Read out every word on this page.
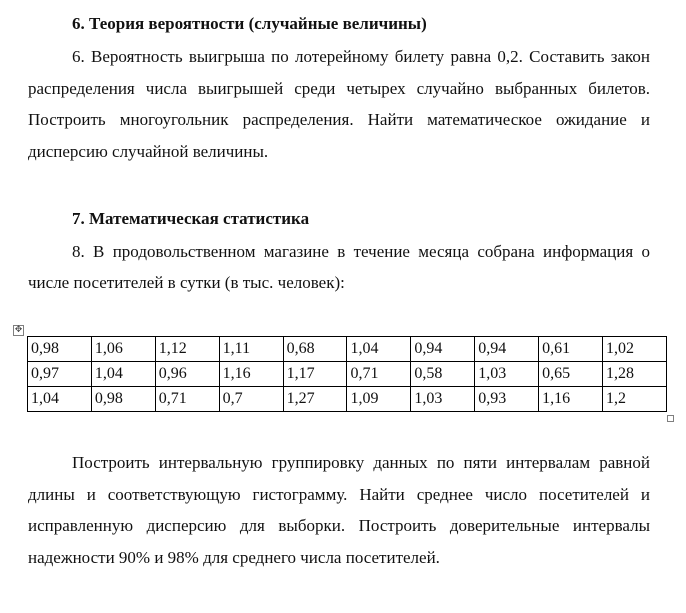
6. Теория вероятности (случайные величины)

6. Вероятность выигрыша по лотерейному билету равна 0,2. Составить закон распределения числа выигрышей среди четырех случайно выбранных билетов. Построить многоугольник распределения. Найти математическое ожидание и дисперсию случайной величины.

7. Математическая статистика

8. В продовольственном магазине в течение месяца собрана информация о числе посетителей в сутки (в тыс. человек):

✥
0,98	1,06	1,12	1,11	0,68	1,04	0,94	0,94	0,61	1,02
0,97	1,04	0,96	1,16	1,17	0,71	0,58	1,03	0,65	1,28
1,04	0,98	0,71	0,7	1,27	1,09	1,03	0,93	1,16	1,2

Построить интервальную группировку данных по пяти интервалам равной длины и соответствующую гистограмму. Найти среднее число посетителей и исправленную дисперсию для выборки. Построить доверительные интервалы надежности 90% и 98% для среднего числа посетителей.
